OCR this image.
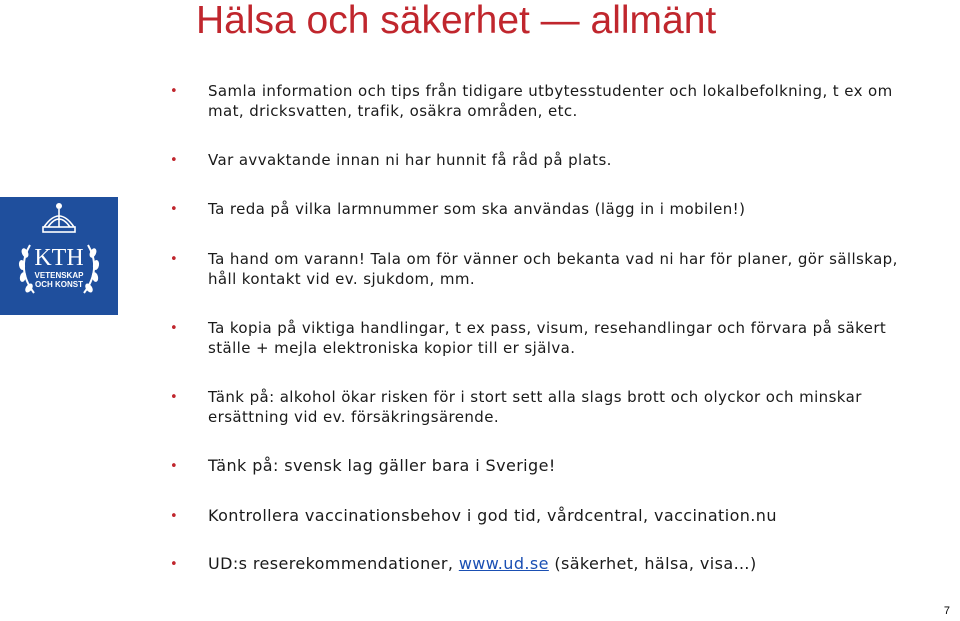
Hälsa och säkerhet — allmänt
KTH
VETENSKAP
OCH KONST
• Samla information och tips från tidigare utbytesstudenter och lokalbefolkning, t ex om
mat, dricksvatten, trafik, osäkra områden, etc.
• Var avvaktande innan ni har hunnit få råd på plats.
• Ta reda på vilka larmnummer som ska användas (lägg in i mobilen!)
• Ta hand om varann! Tala om för vänner och bekanta vad ni har för planer, gör sällskap,
håll kontakt vid ev. sjukdom, mm.
• Ta kopia på viktiga handlingar, t ex pass, visum, resehandlingar och förvara på säkert
ställe + mejla elektroniska kopior till er själva.
• Tänk på: alkohol ökar risken för i stort sett alla slags brott och olyckor och minskar
ersättning vid ev. försäkringsärende.
• Tänk på: svensk lag gäller bara i Sverige!
• Kontrollera vaccinationsbehov i god tid, vårdcentral, vaccination.nu
• UD:s reserekommendationer, www.ud.se (säkerhet, hälsa, visa…)
7
